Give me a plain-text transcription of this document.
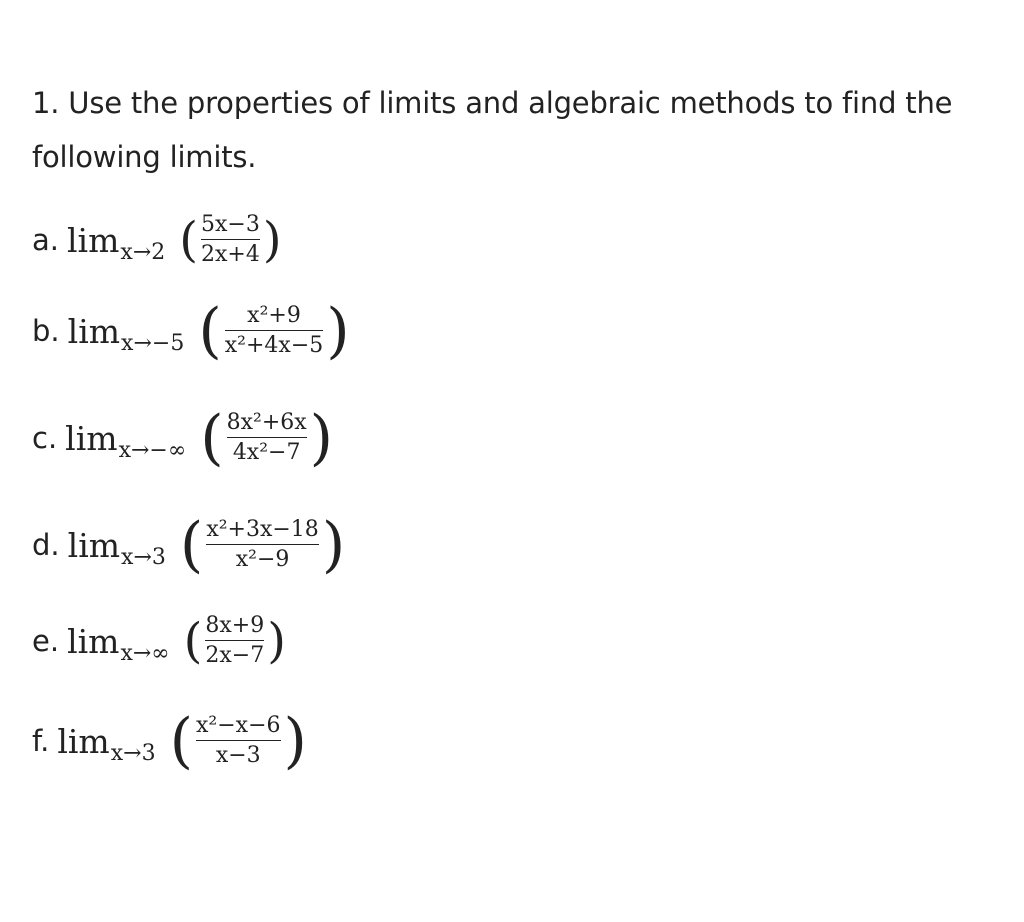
1. Use the properties of limits and algebraic methods to find the following limits.
a. lim x→2 ( $\frac{5x-3}{2x+4}$ )
b. lim x→−5 ( $\frac{\text{x²+9}}{\text{x²+4x−5}}$ )
c. lim x→−∞ ( $\frac{\text{8x²+6x}}{\text{4x²−7}}$ )
d. lim x→3 ( $\frac{\text{x²+3x−18}}{\text{x²−9}}$ )
e. lim x→∞ ( $\frac{8x+9}{2x-7}$ )
f. lim x→3 ( $\frac{\text{x²−x−6}}{x-3}$ )
